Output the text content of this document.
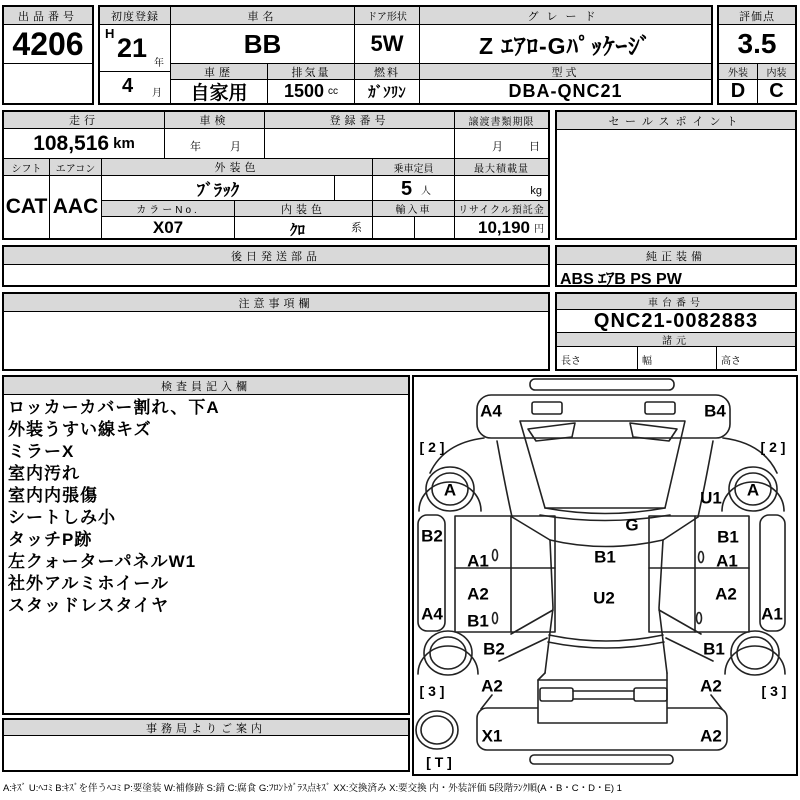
出品番号
4206
初度登録
H 21
年
4 月
車名
BB
車歴
自家用
排気量
1500 cc
ドア形状
5W
燃料
ｶﾞｿﾘﾝ
グレード
Z ｴｱﾛ-Gﾊﾟｯｹｰｼﾞ
型式
DBA-QNC21
評価点
3.5
外装	内装
D	C
走行
108,516 km
車検
年	月
登録番号	譲渡書類期限
月 日
シフト
CAT
エアコン
AAC
外装色	乗車定員	最大積載量
ﾌﾞﾗｯｸ	5 人	kg
カラーNo.	内装色	輸入車	リサイクル預託金
X07	ｸﾛ	系	10,190 円
セールスポイント
後日発送部品	純正装備
ABS ｴｱB PS PW
注意事項欄	車台番号
QNC21-0082883
諸元
長さ	幅	高さ
検査員記入欄
ロッカーカバー割れ、下A
外装うすい線キズ
ミラーX
室内汚れ
室内内張傷
シートしみ小
タッチP跡
左クォーターパネルW1
社外アルミホイール
スタッドレスタイヤ
事務局よりご案内
A4	B4
[ 2 ]	[ 2 ]
A	A
B2
U1
G
B1
A1
B1
A1
A2	U2	A2
A4	A1
B1
B2	B1
A2	A2
[ 3 ]	[ 3 ]
X1	A2
[ T ]
A:ｷｽﾞ U:ﾍｺﾐ B:ｷｽﾞを伴うﾍｺﾐ P:要塗装 W:補修跡 S:錆 C:腐食 G:ﾌﾛﾝﾄｶﾞﾗｽ点ｷｽﾞ XX:交換済み X:要交換 内・外装評価 5段階ﾗﾝｸ順(A・B・C・D・E) 1
